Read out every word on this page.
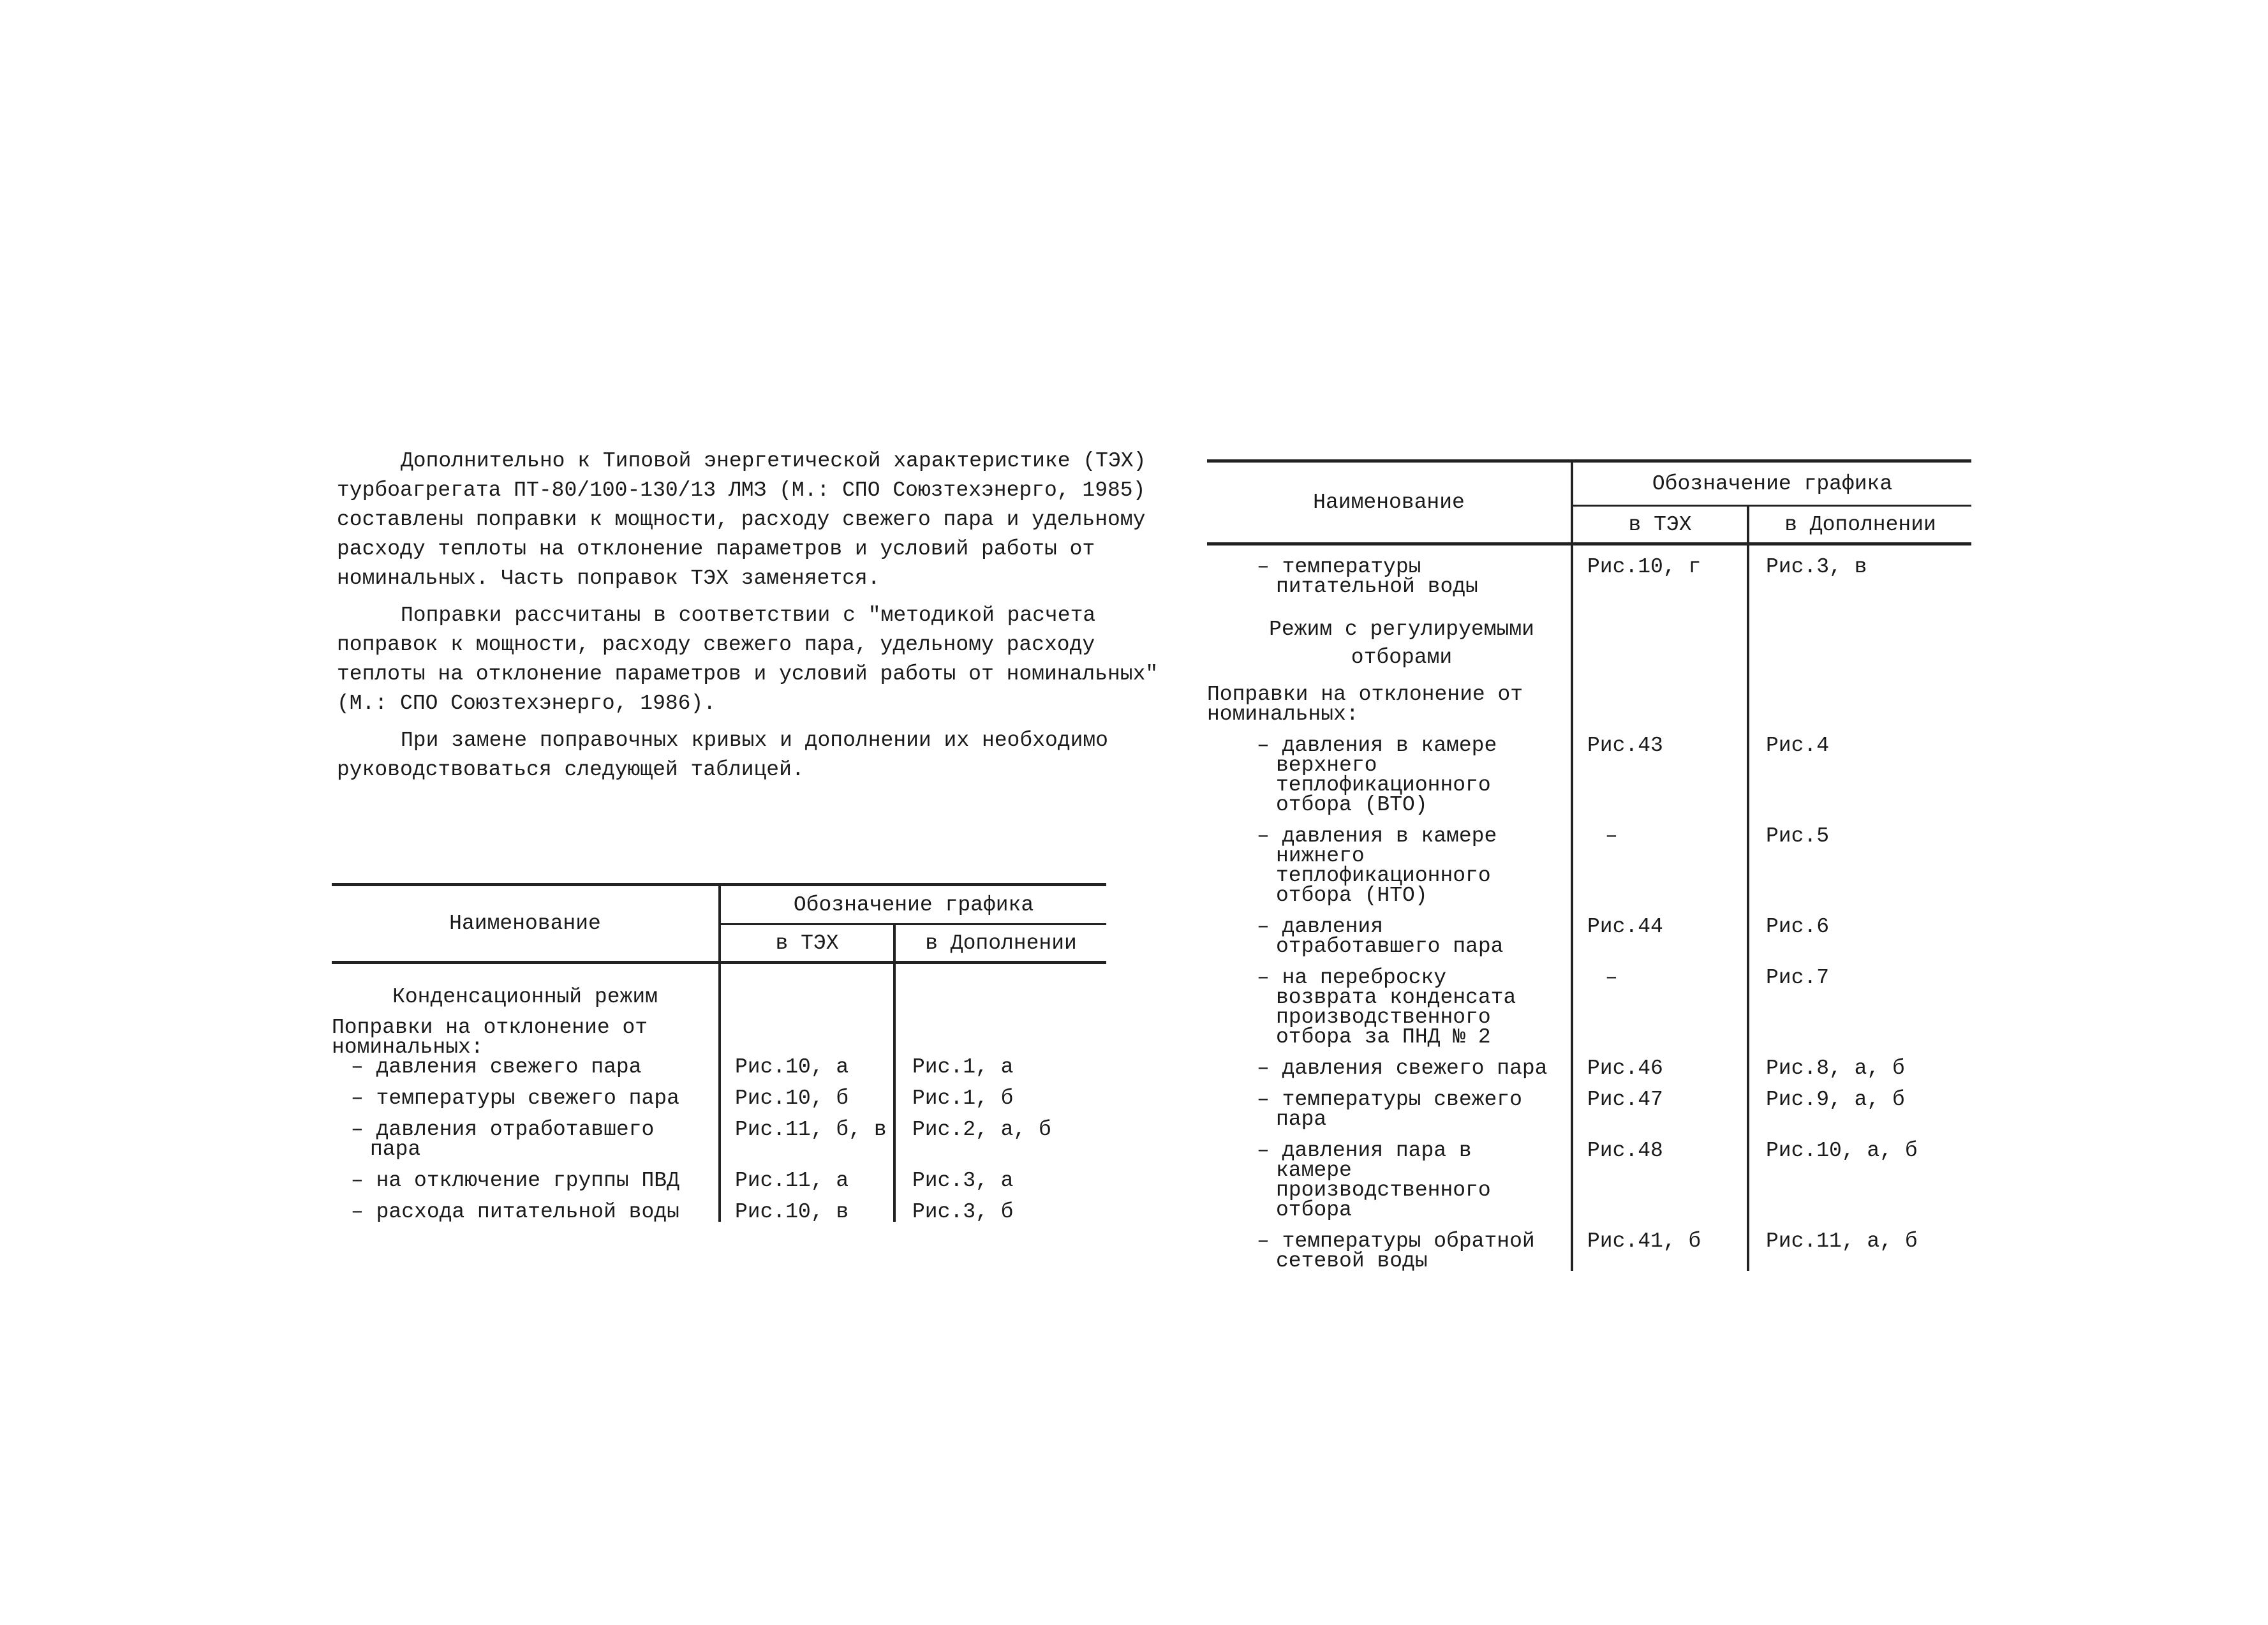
Дополнительно к Типовой энергетической характеристике (ТЭХ) турбоагрегата ПТ-80/100-130/13 ЛМЗ (М.: СПО Союзтехэнерго, 1985) составлены поправки к мощности, расходу свежего пара и удельному расходу теплоты на отклонение параметров и условий работы от номинальных. Часть поправок ТЭХ заменяется.

Поправки рассчитаны в соответствии с "методикой расчета поправок к мощности, расходу свежего пара, удельному расходу теплоты на отклонение параметров и условий работы от номинальных" (М.: СПО Союзтехэнерго, 1986).

При замене поправочных кривых и дополнении их необходимо руководствоваться следующей таблицей.

Наименование	Обозначение графика	
	в ТЭХ	в Дополнении
Конденсационный режим		
Поправки на отклонение от номинальных:		
– давления свежего пара	Рис.10, а	Рис.1, а
– температуры свежего пара	Рис.10, б	Рис.1, б
– давления отработавшего пара	Рис.11, б, в	Рис.2, а, б
– на отключение группы ПВД	Рис.11, а	Рис.3, а
– расхода питательной воды	Рис.10, в	Рис.3, б
Наименование	Обозначение графика	
	в ТЭХ	в Дополнении
– температуры питательной воды	Рис.10, г	Рис.3, в
Режим с регулируемыми отборами		
Поправки на отклонение от номинальных:		
– давления в камере верхнего теплофикационного отбора (ВТО)	Рис.43	Рис.4
– давления в камере нижнего теплофикационного отбора (НТО)	–	Рис.5
– давления отработавшего пара	Рис.44	Рис.6
– на переброску возврата конденсата производственного отбора за ПНД № 2	–	Рис.7
– давления свежего пара	Рис.46	Рис.8, а, б
– температуры свежего пара	Рис.47	Рис.9, а, б
– давления пара в камере производственного отбора	Рис.48	Рис.10, а, б
– температуры обратной сетевой воды	Рис.41, б	Рис.11, а, б
